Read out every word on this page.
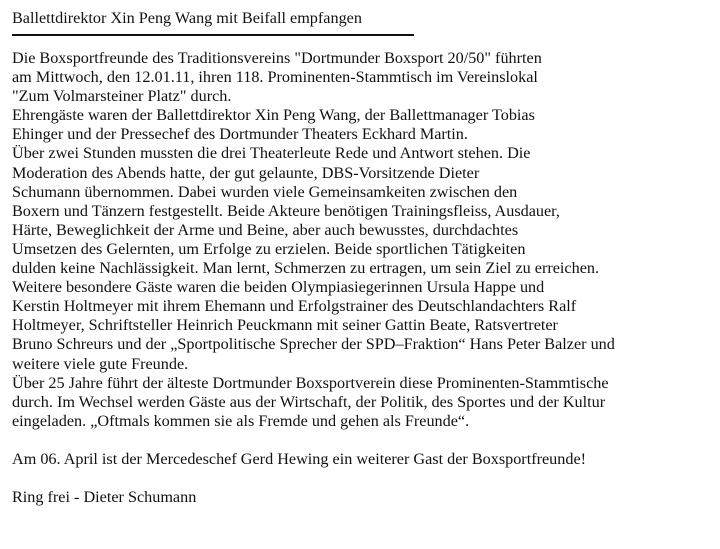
Ballettdirektor Xin Peng Wang mit Beifall empfangen
Die Boxsportfreunde des Traditionsvereins "Dortmunder Boxsport 20/50" führten
am Mittwoch, den 12.01.11, ihren 118. Prominenten-Stammtisch im Vereinslokal
"Zum Volmarsteiner Platz" durch.
Ehrengäste waren der Ballettdirektor Xin Peng Wang, der Ballettmanager Tobias
Ehinger und der Pressechef des Dortmunder Theaters Eckhard Martin.
Über zwei Stunden mussten die drei Theaterleute Rede und Antwort stehen. Die
Moderation des Abends hatte, der gut gelaunte, DBS-Vorsitzende Dieter
Schumann übernommen. Dabei wurden viele Gemeinsamkeiten zwischen den
Boxern und Tänzern festgestellt. Beide Akteure benötigen Trainingsfleiss, Ausdauer,
Härte, Beweglichkeit der Arme und Beine, aber auch bewusstes, durchdachtes
Umsetzen des Gelernten, um Erfolge zu erzielen. Beide sportlichen Tätigkeiten
dulden keine Nachlässigkeit. Man lernt, Schmerzen zu ertragen, um sein Ziel zu erreichen.
Weitere besondere Gäste waren die beiden Olympiasiegerinnen Ursula Happe und
Kerstin Holtmeyer mit ihrem Ehemann und Erfolgstrainer des Deutschlandachters Ralf
Holtmeyer, Schriftsteller Heinrich Peuckmann mit seiner Gattin Beate, Ratsvertreter
Bruno Schreurs und der „Sportpolitische Sprecher der SPD–Fraktion“ Hans Peter Balzer und
weitere viele gute Freunde.
Über 25 Jahre führt der älteste Dortmunder Boxsportverein diese Prominenten-Stammtische
durch. Im Wechsel werden Gäste aus der Wirtschaft, der Politik, des Sportes und der Kultur
eingeladen. „Oftmals kommen sie als Fremde und gehen als Freunde“.
Am 06. April ist der Mercedeschef Gerd Hewing ein weiterer Gast der Boxsportfreunde!
Ring frei - Dieter Schumann
